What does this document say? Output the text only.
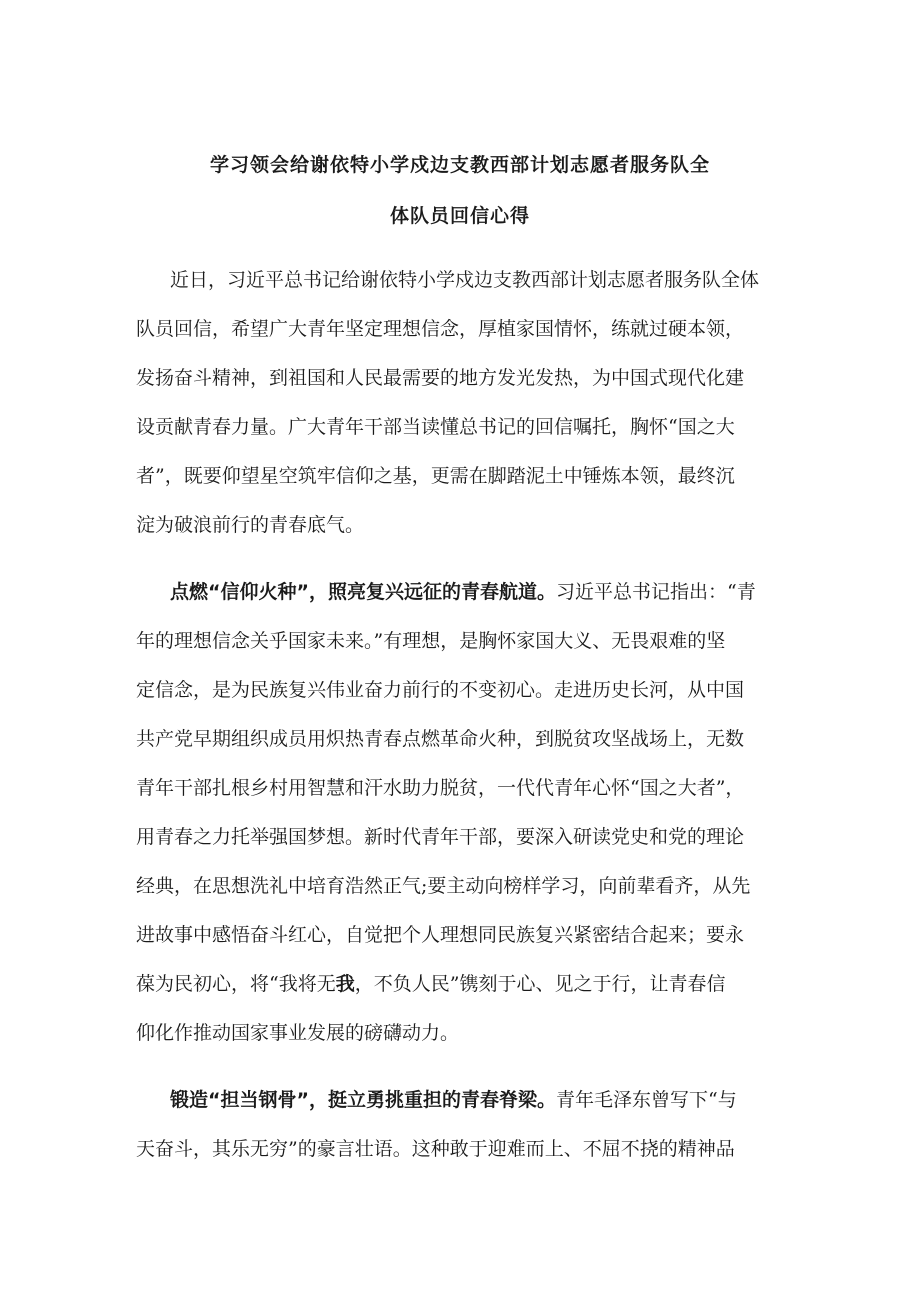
学习领会给谢依特小学戍边支教西部计划志愿者服务队全
体队员回信心得
近日，习近平总书记给谢依特小学戍边支教西部计划志愿者服务队全体
队员回信，希望广大青年坚定理想信念，厚植家国情怀，练就过硬本领，
发扬奋斗精神，到祖国和人民最需要的地方发光发热，为中国式现代化建
设贡献青春力量。广大青年干部当读懂总书记的回信嘱托，胸怀“国之大
者”，既要仰望星空筑牢信仰之基，更需在脚踏泥土中锤炼本领，最终沉
淀为破浪前行的青春底气。
点燃“信仰火种”，照亮复兴远征的青春航道。习近平总书记指出：“青
年的理想信念关乎国家未来。”有理想，是胸怀家国大义、无畏艰难的坚
定信念，是为民族复兴伟业奋力前行的不变初心。走进历史长河，从中国
共产党早期组织成员用炽热青春点燃革命火种，到脱贫攻坚战场上，无数
青年干部扎根乡村用智慧和汗水助力脱贫，一代代青年心怀“国之大者”，
用青春之力托举强国梦想。新时代青年干部，要深入研读党史和党的理论
经典，在思想洗礼中培育浩然正气;要主动向榜样学习，向前辈看齐，从先
进故事中感悟奋斗红心，自觉把个人理想同民族复兴紧密结合起来；要永
葆为民初心，将“我将无我，不负人民”镌刻于心、见之于行，让青春信
仰化作推动国家事业发展的磅礴动力。
锻造“担当钢骨”，挺立勇挑重担的青春脊梁。青年毛泽东曾写下“与
天奋斗，其乐无穷”的豪言壮语。这种敢于迎难而上、不屈不挠的精神品
